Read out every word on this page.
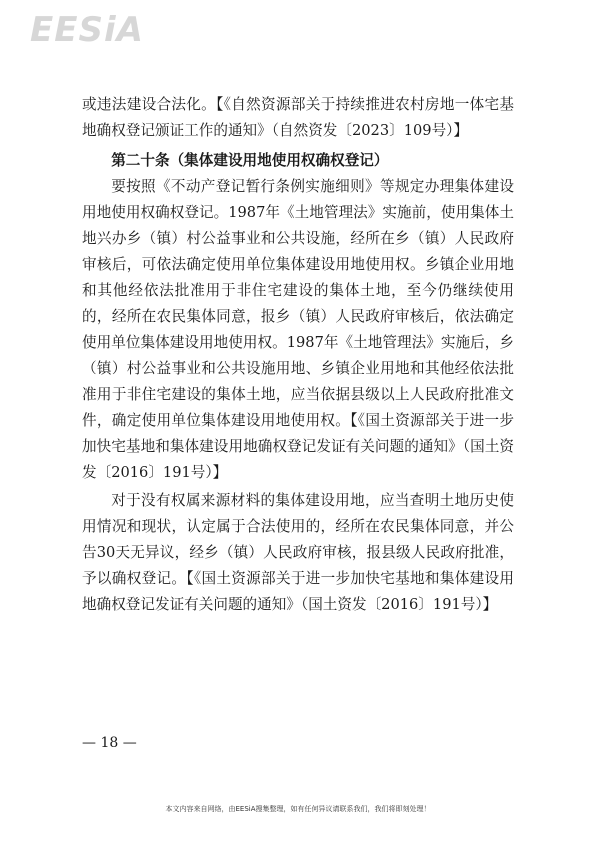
EESiA

或违法建设合法化。【《自然资源部关于持续推进农村房地一体宅基地确权登记颁证工作的通知》（自然资发〔2023〕109号）】

第二十条（集体建设用地使用权确权登记）

要按照《不动产登记暂行条例实施细则》等规定办理集体建设用地使用权确权登记。1987年《土地管理法》实施前，使用集体土地兴办乡（镇）村公益事业和公共设施，经所在乡（镇）人民政府审核后，可依法确定使用单位集体建设用地使用权。乡镇企业用地和其他经依法批准用于非住宅建设的集体土地，至今仍继续使用的，经所在农民集体同意，报乡（镇）人民政府审核后，依法确定使用单位集体建设用地使用权。1987年《土地管理法》实施后，乡（镇）村公益事业和公共设施用地、乡镇企业用地和其他经依法批准用于非住宅建设的集体土地，应当依据县级以上人民政府批准文件，确定使用单位集体建设用地使用权。【《国土资源部关于进一步加快宅基地和集体建设用地确权登记发证有关问题的通知》（国土资发〔2016〕191号）】

对于没有权属来源材料的集体建设用地，应当查明土地历史使用情况和现状，认定属于合法使用的，经所在农民集体同意，并公告30天无异议，经乡（镇）人民政府审核，报县级人民政府批准，予以确权登记。【《国土资源部关于进一步加快宅基地和集体建设用地确权登记发证有关问题的通知》（国土资发〔2016〕191号）】

— 18 —
本文内容来自网络，由EESiA搜集整理，如有任何异议请联系我们，我们将即刻处理！
